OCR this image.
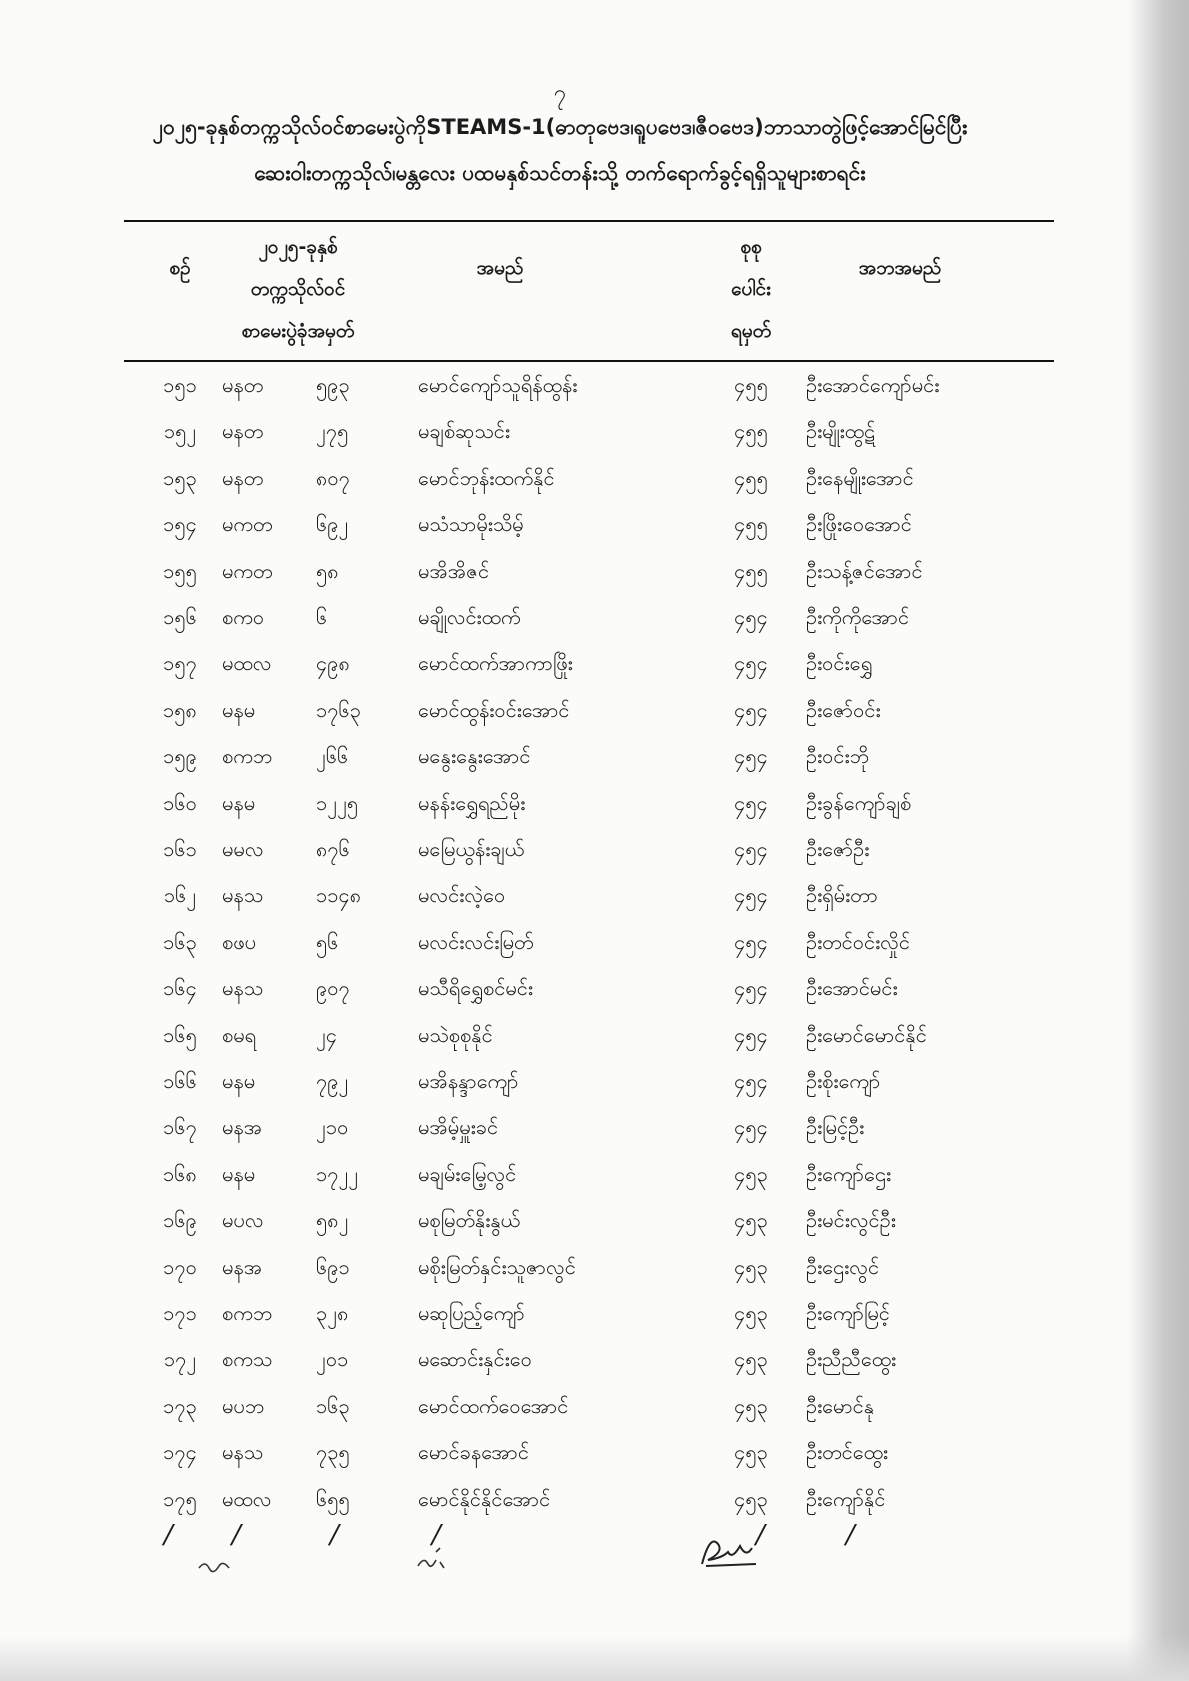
၇
၂၀၂၅-ခုနှစ်တက္ကသိုလ်ဝင်စာမေးပွဲကိုSTEAMS-1(ဓာတုဗေဒ၊ရူပဗေဒ၊ဇီဝဗေဒ)ဘာသာတွဲဖြင့်အောင်မြင်ပြီး
ဆေးဝါးတက္ကသိုလ်၊မန္တလေး ပထမနှစ်သင်တန်းသို့ တက်ရောက်ခွင့်ရရှိသူများစာရင်း
စဉ်
၂၀၂၅-ခုနှစ်
တက္ကသိုလ်ဝင်
စာမေးပွဲခုံအမှတ်
အမည်
စုစု
ပေါင်း
ရမှတ်
အဘအမည်
၁၅၁	မနတ	၅၉၃	မောင်ကျော်သူရိန်ထွန်း	၄၅၅	ဦးအောင်ကျော်မင်း
၁၅၂	မနတ	၂၇၅	မချစ်ဆုသင်း	၄၅၅	ဦးမျိုးထွဋ်
၁၅၃	မနတ	၈၀၇	မောင်ဘုန်းထက်နိုင်	၄၅၅	ဦးနေမျိုးအောင်
၁၅၄	မကတ ၆၉၂	မသံသာမိုးသိမ့်	၄၅၅	ဦးဖြိုးဝေအောင်
၁၅၅	မကတ ၅၈	မအိအိဇင်	၄၅၅	ဦးသန့်ဇင်အောင်
၁၅၆	စကဝ	၆	မချိုလင်းထက်	၄၅၄	ဦးကိုကိုအောင်
၁၅၇	မထလ ၄၉၈	မောင်ထက်အာကာဖြိုး	၄၅၄	ဦးဝင်းရွှေ
၁၅၈	မနမ	၁၇၆၃	မောင်ထွန်းဝင်းအောင်	၄၅၄	ဦးဇော်ဝင်း
၁၅၉	စကဘ ၂၆၆	မနွေးနွေးအောင်	၄၅၄	ဦးဝင်းဘို
၁၆၀	မနမ	၁၂၂၅	မနန်းရွှေရည်မိုး	၄၅၄	ဦးခွန်ကျော်ချစ်
၁၆၁	မမလ	၈၇၆	မမြေယွန်းချယ်	၄၅၄	ဦးဇော်ဦး
၁၆၂	မနသ	၁၁၄၈	မလင်းလဲ့ဝေ	၄၅၄	ဦးရှိမ်းတာ
၁၆၃	စဖပ	၅၆	မလင်းလင်းမြတ်	၄၅၄	ဦးတင်ဝင်းလှိုင်
၁၆၄	မနသ	၉၀၇	မသီရိရွှေစင်မင်း	၄၅၄	ဦးအောင်မင်း
၁၆၅	စမရ	၂၄	မသဲစုစုနိုင်	၄၅၄	ဦးမောင်မောင်နိုင်
၁၆၆	မနမ	၇၉၂	မအိနန္ဒာကျော်	၄၅၄	ဦးစိုးကျော်
၁၆၇	မနအ	၂၁၀	မအိမ့်မှူးခင်	၄၅၄	ဦးမြင့်ဦး
၁၆၈	မနမ	၁၇၂၂	မချမ်းမြေ့လွင်	၄၅၃	ဦးကျော်ဌေး
၁၆၉	မပလ	၅၈၂	မစုမြတ်နိုးနွယ်	၄၅၃	ဦးမင်းလွင်ဦး
၁၇၀	မနအ	၆၉၁	မစိုးမြတ်နှင်းသူဇာလွင်	၄၅၃	ဦးဌေးလွင်
၁၇၁	စကဘ ၃၂၈	မဆုပြည့်ကျော်	၄၅၃	ဦးကျော်မြင့်
၁၇၂	စကသ ၂၀၁	မဆောင်းနှင်းဝေ	၄၅၃	ဦးညီညီထွေး
၁၇၃	မပဘ	၁၆၃	မောင်ထက်ဝေအောင်	၄၅၃	ဦးမောင်နု
၁၇၄	မနသ	၇၃၅	မောင်ခနအောင်	၄၅၃	ဦးတင်ထွေး
၁၇၅	မထလ ၆၅၅	မောင်နိုင်နိုင်အောင်	၄၅၃	ဦးကျော်နိုင်
/ /	/	/	/	/
